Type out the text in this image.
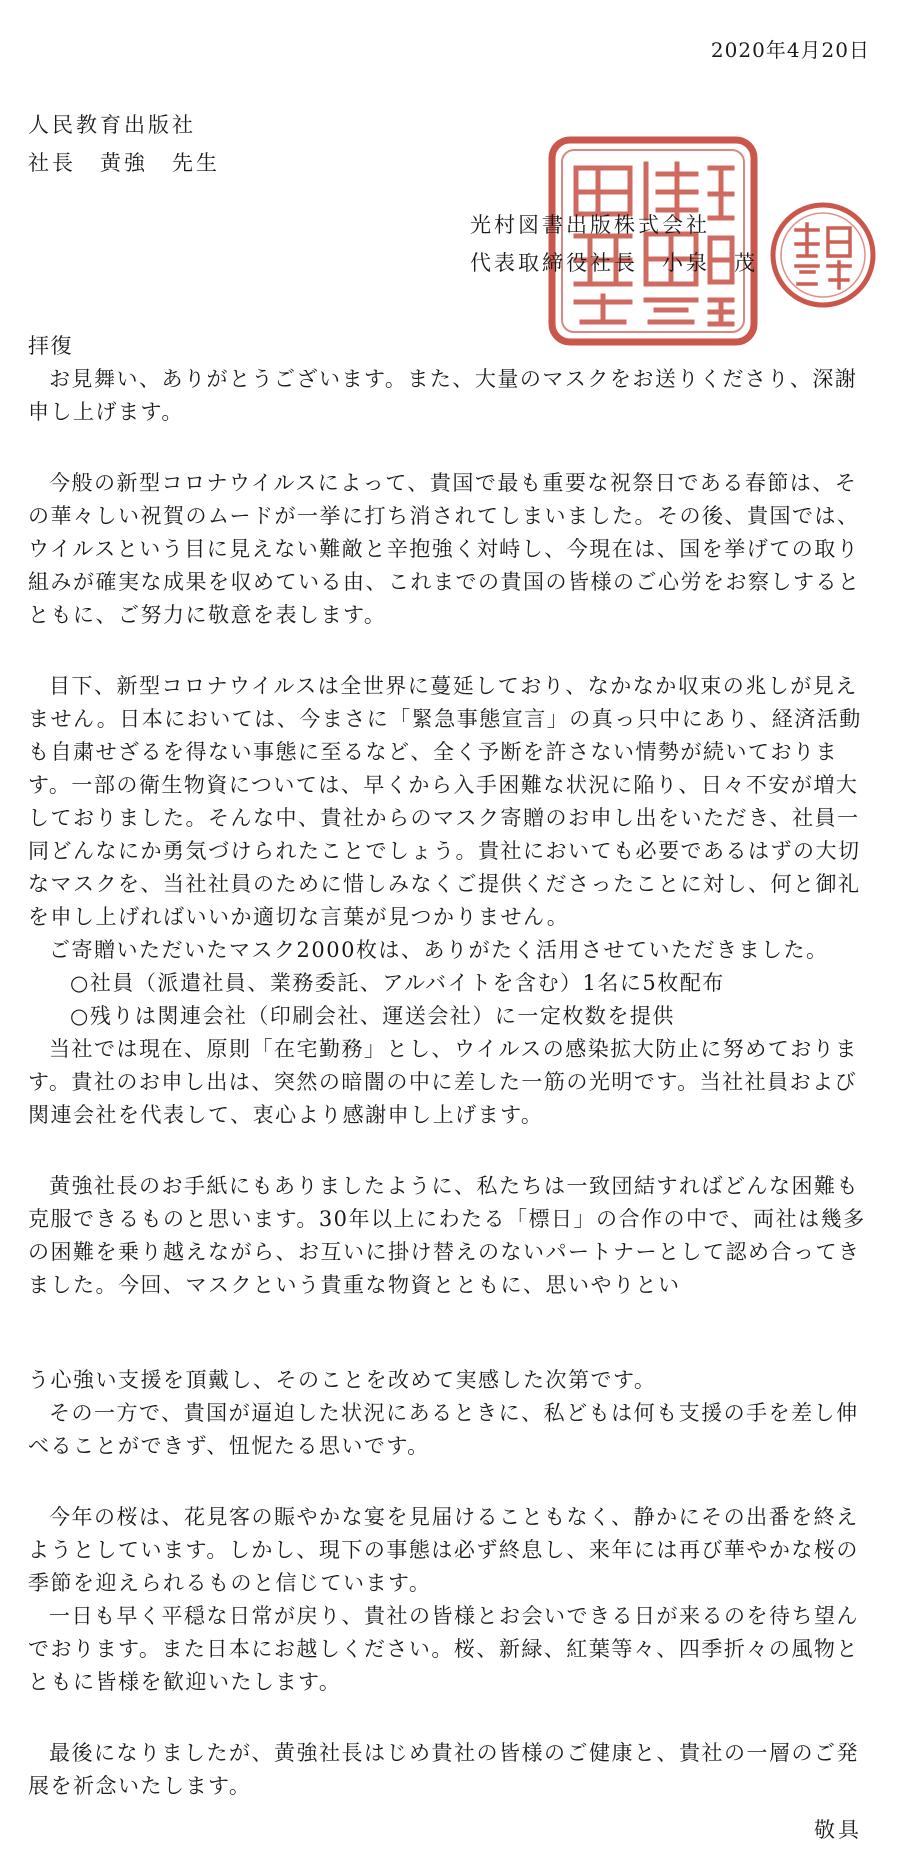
2020年4月20日
人民教育出版社
社長　黄強　先生
光村図書出版株式会社
代表取締役社長　小泉　茂

拝復

お見舞い、ありがとうございます。また、大量のマスクをお送りくださり、深謝申し上げます。

今般の新型コロナウイルスによって、貴国で最も重要な祝祭日である春節は、その華々しい祝賀のムードが一挙に打ち消されてしまいました。その後、貴国では、ウイルスという目に見えない難敵と辛抱強く対峙し、今現在は、国を挙げての取り組みが確実な成果を収めている由、これまでの貴国の皆様のご心労をお察しするとともに、ご努力に敬意を表します。

目下、新型コロナウイルスは全世界に蔓延しており、なかなか収束の兆しが見えません。日本においては、今まさに「緊急事態宣言」の真っ只中にあり、経済活動も自粛せざるを得ない事態に至るなど、全く予断を許さない情勢が続いております。一部の衛生物資については、早くから入手困難な状況に陥り、日々不安が増大しておりました。そんな中、貴社からのマスク寄贈のお申し出をいただき、社員一同どんなにか勇気づけられたことでしょう。貴社においても必要であるはずの大切なマスクを、当社社員のために惜しみなくご提供くださったことに対し、何と御礼を申し上げればいいか適切な言葉が見つかりません。

ご寄贈いただいたマスク2000枚は、ありがたく活用させていただきました。

○社員（派遣社員、業務委託、アルバイトを含む）1名に5枚配布

○残りは関連会社（印刷会社、運送会社）に一定枚数を提供

当社では現在、原則「在宅勤務」とし、ウイルスの感染拡大防止に努めております。貴社のお申し出は、突然の暗闇の中に差した一筋の光明です。当社社員および関連会社を代表して、衷心より感謝申し上げます。

黄強社長のお手紙にもありましたように、私たちは一致団結すればどんな困難も克服できるものと思います。30年以上にわたる「標日」の合作の中で、両社は幾多の困難を乗り越えながら、お互いに掛け替えのないパートナーとして認め合ってきました。今回、マスクという貴重な物資とともに、思いやりとい

う心強い支援を頂戴し、そのことを改めて実感した次第です。

その一方で、貴国が逼迫した状況にあるときに、私どもは何も支援の手を差し伸べることができず、忸怩たる思いです。

今年の桜は、花見客の賑やかな宴を見届けることもなく、静かにその出番を終えようとしています。しかし、現下の事態は必ず終息し、来年には再び華やかな桜の季節を迎えられるものと信じています。

一日も早く平穏な日常が戻り、貴社の皆様とお会いできる日が来るのを待ち望んでおります。また日本にお越しください。桜、新緑、紅葉等々、四季折々の風物とともに皆様を歓迎いたします。

最後になりましたが、黄強社長はじめ貴社の皆様のご健康と、貴社の一層のご発展を祈念いたします。

敬具
